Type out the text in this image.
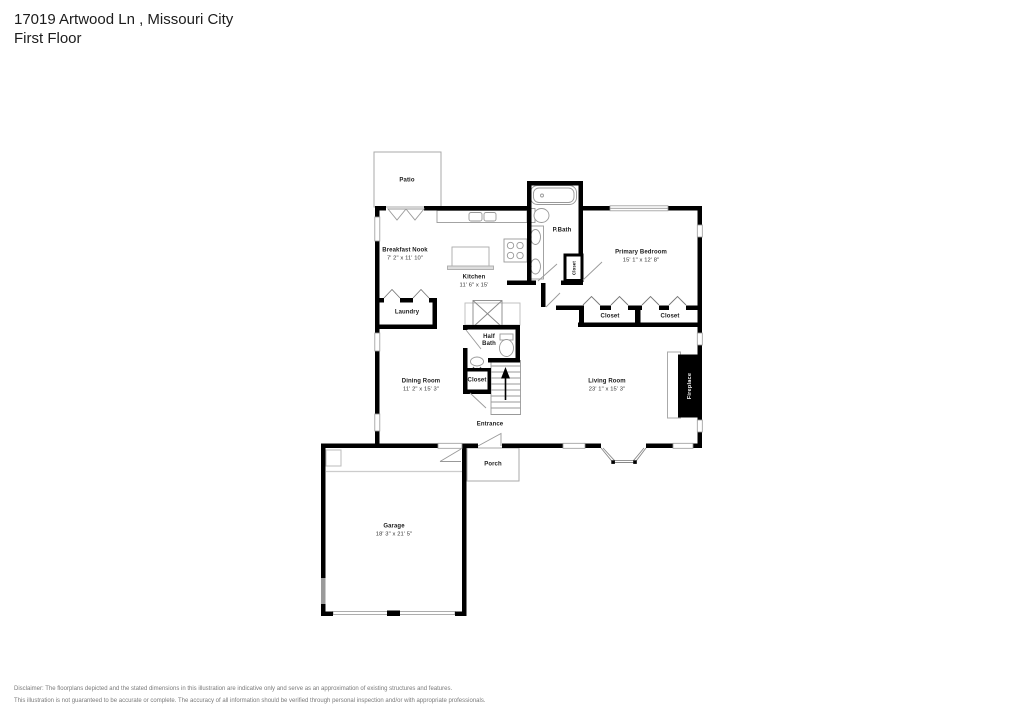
17019 Artwood Ln , Missouri City
First Floor
Patio
Breakfast Nook
7' 2" x 11' 10"
Kitchen
11' 6" x 15'
Laundry
P.Bath
Primary Bedroom
15' 1" x 12' 8"
Closet	Closet
Half
Bath
Closet
Dining Room
11' 2" x 15' 3"
Living Room
23' 1" x 15' 3"	Fireplace
Closet
Entrance
Porch
Garage
18' 3" x 21' 5"
Disclaimer: The floorplans depicted and the stated dimensions in this illustration are indicative only and serve as an approximation of existing structures and features.
This illustration is not guaranteed to be accurate or complete. The accuracy of all information should be verified through personal inspection and/or with appropriate professionals.
